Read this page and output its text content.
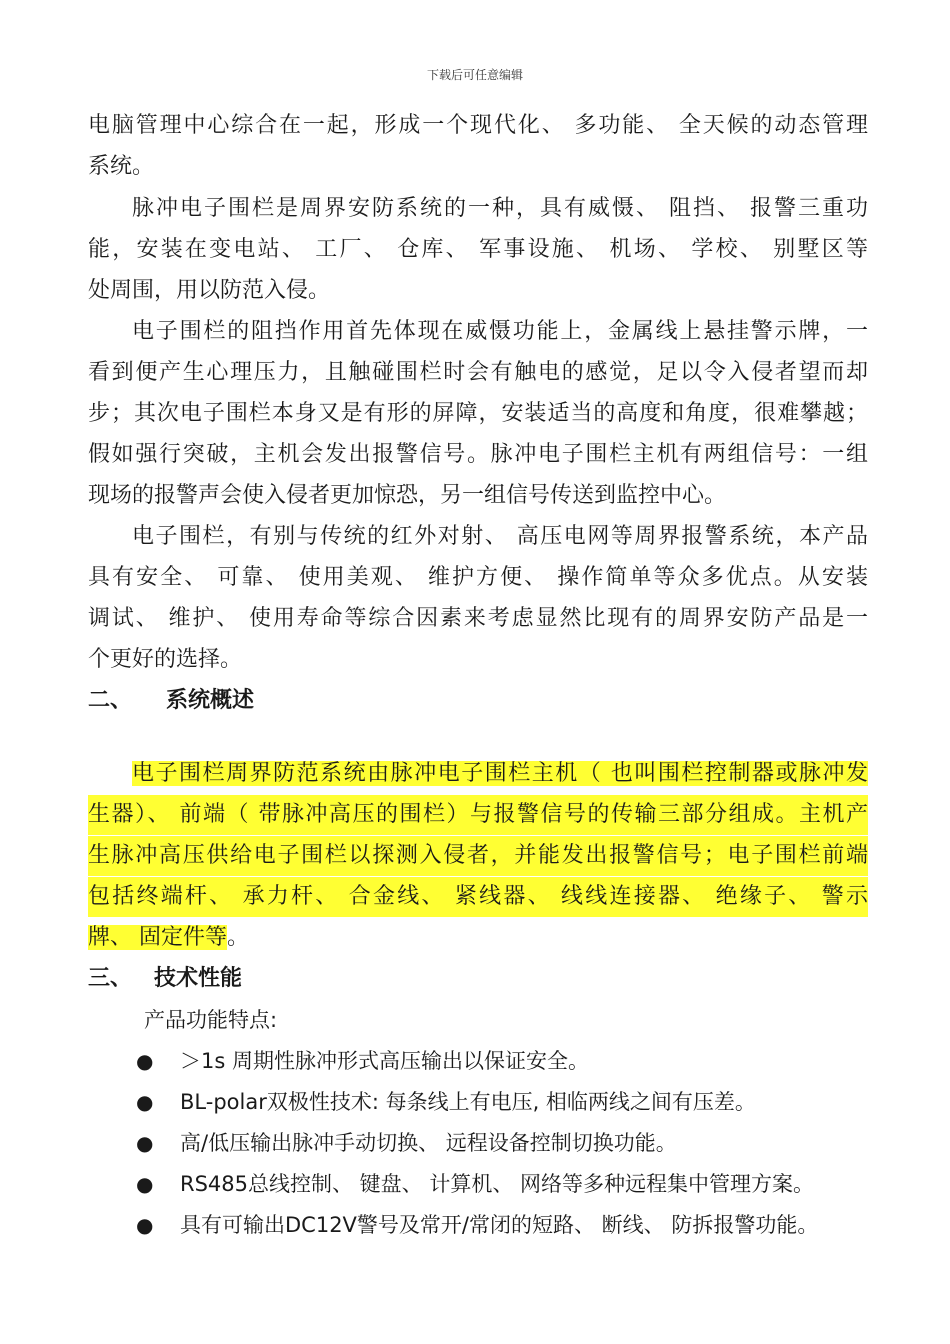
下载后可任意编辑
电脑管理中心综合在一起，形成一个现代化、 多功能、 全天候的动态管理
系统。
脉冲电子围栏是周界安防系统的一种，具有威慑、 阻挡、 报警三重功
能，安装在变电站、 工厂、 仓库、 军事设施、 机场、 学校、 别墅区等
处周围，用以防范入侵。
电子围栏的阻挡作用首先体现在威慑功能上，金属线上悬挂警示牌，一
看到便产生心理压力，且触碰围栏时会有触电的感觉，足以令入侵者望而却
步；其次电子围栏本身又是有形的屏障，安装适当的高度和角度，很难攀越；
假如强行突破，主机会发出报警信号。脉冲电子围栏主机有两组信号：一组
现场的报警声会使入侵者更加惊恐，另一组信号传送到监控中心。
电子围栏，有别与传统的红外对射、 高压电网等周界报警系统，本产品
具有安全、 可靠、 使用美观、 维护方便、 操作简单等众多优点。从安装
调试、 维护、 使用寿命等综合因素来考虑显然比现有的周界安防产品是一
个更好的选择。
二、 系统概述
电子围栏周界防范系统由脉冲电子围栏主机（ 也叫围栏控制器或脉冲发
生器）、 前端（ 带脉冲高压的围栏）与报警信号的传输三部分组成。主机产
生脉冲高压供给电子围栏以探测入侵者，并能发出报警信号；电子围栏前端
包括终端杆、 承力杆、 合金线、 紧线器、 线线连接器、 绝缘子、 警示
牌、 固定件等。
三、 技术性能
产品功能特点:
● ＞1s 周期性脉冲形式高压输出以保证安全。
● BL-polar双极性技术: 每条线上有电压, 相临两线之间有压差。
● 高/低压输出脉冲手动切换、 远程设备控制切换功能。
● RS485总线控制、 键盘、 计算机、 网络等多种远程集中管理方案。
● 具有可输出DC12V警号及常开/常闭的短路、 断线、 防拆报警功能。
